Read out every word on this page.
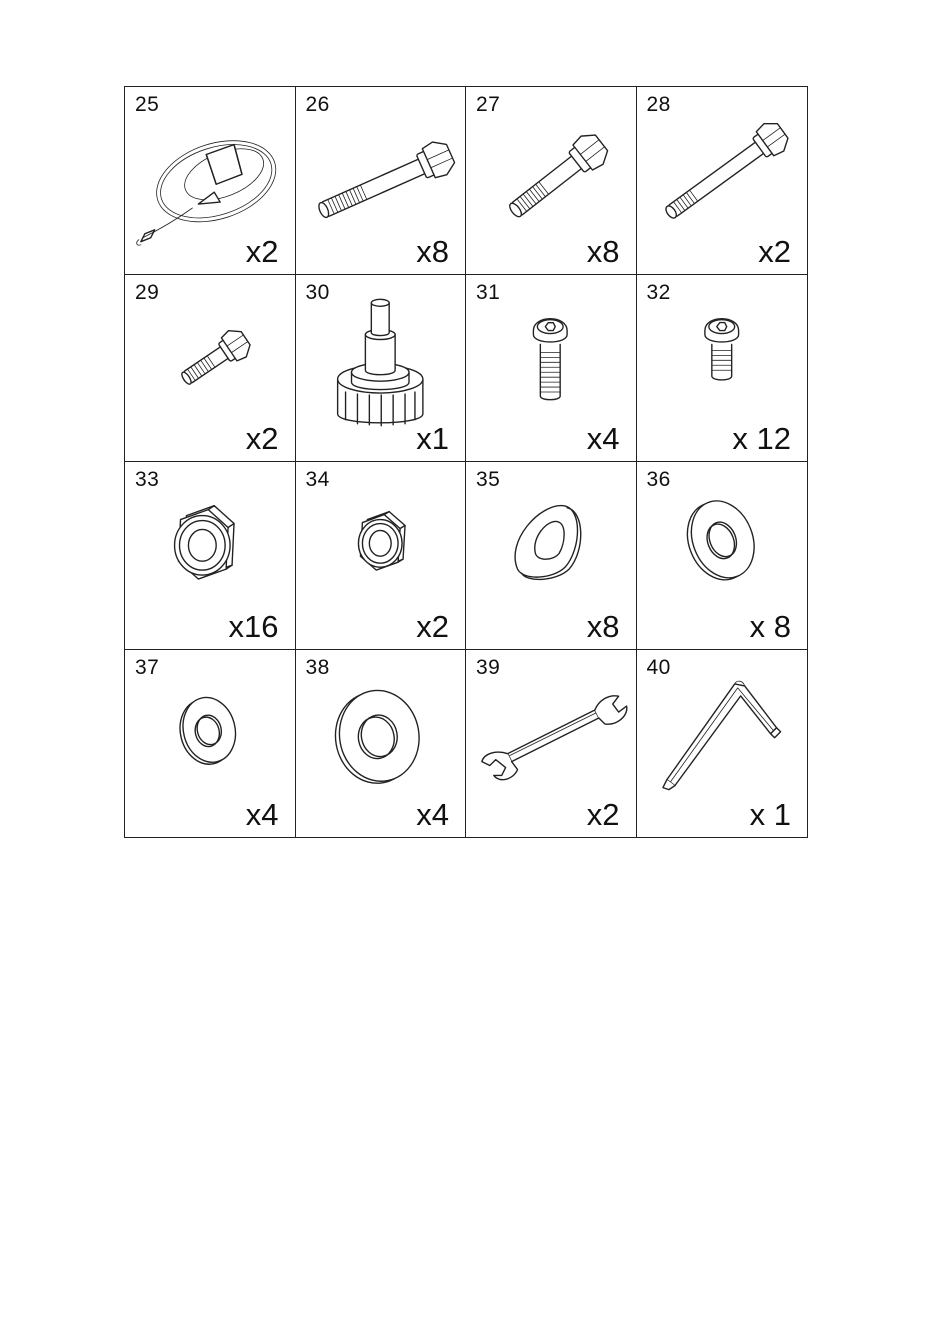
25
x2
26
x8
27
x8
28
x2
29
x2
30
x1
31
x4
32
x 12
33
x16
34
x2
35
x8
36
x 8
37
x4
38
x4
39
x2
40
x 1
